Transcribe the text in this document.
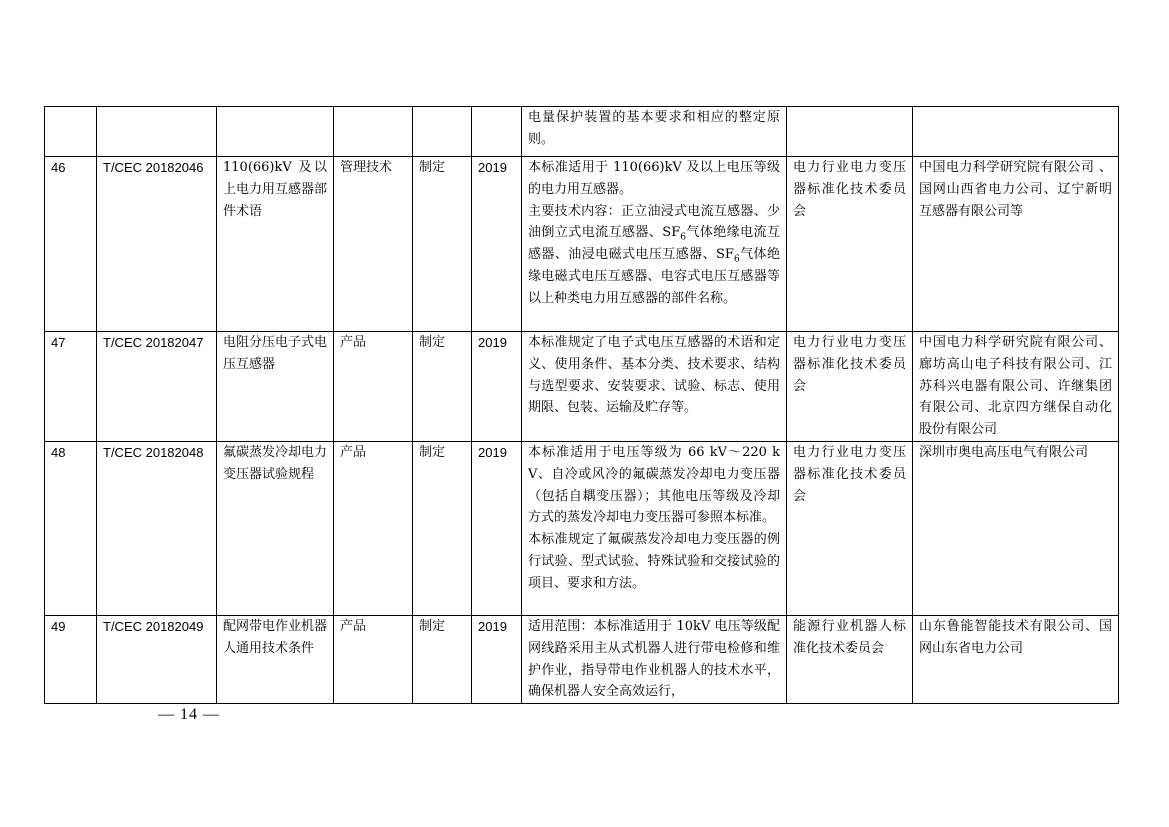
						电量保护装置的基本要求和相应的整定原则。		
46	T/CEC 20182046	110(66)kV 及以上电力用互感器部件术语	管理技术	制定	2019	本标准适用于 110(66)kV 及以上电压等级的电力用互感器。
主要技术内容：正立油浸式电流互感器、少油倒立式电流互感器、$SF_6$气体绝缘电流互感器、油浸电磁式电压互感器、$SF_6$气体绝缘电磁式电压互感器、电容式电压互感器等以上种类电力用互感器的部件名称。	电力行业电力变压器标准化技术委员会	中国电力科学研究院有限公司 、国网山西省电力公司、辽宁新明互感器有限公司等
47	T/CEC 20182047	电阻分压电子式电压互感器	产品	制定	2019	本标准规定了电子式电压互感器的术语和定义、使用条件、基本分类、技术要求、结构与选型要求、安装要求、试验、标志、使用期限、包装、运输及贮存等。	电力行业电力变压器标准化技术委员会	中国电力科学研究院有限公司、廊坊高山电子科技有限公司、江苏科兴电器有限公司、许继集团有限公司、北京四方继保自动化股份有限公司
48	T/CEC 20182048	氟碳蒸发冷却电力变压器试验规程	产品	制定	2019	本标准适用于电压等级为 66 kV～220 kV、自冷或风冷的氟碳蒸发冷却电力变压器（包括自耦变压器）；其他电压等级及冷却方式的蒸发冷却电力变压器可参照本标准。
本标准规定了氟碳蒸发冷却电力变压器的例行试验、型式试验、特殊试验和交接试验的项目、要求和方法。	电力行业电力变压器标准化技术委员会	深圳市奥电高压电气有限公司
49	T/CEC 20182049	配网带电作业机器人通用技术条件	产品	制定	2019	适用范围：本标准适用于 10kV 电压等级配网线路采用主从式机器人进行带电检修和维护作业，指导带电作业机器人的技术水平，确保机器人安全高效运行，	能源行业机器人标准化技术委员会	山东鲁能智能技术有限公司、国网山东省电力公司
— 14 —
